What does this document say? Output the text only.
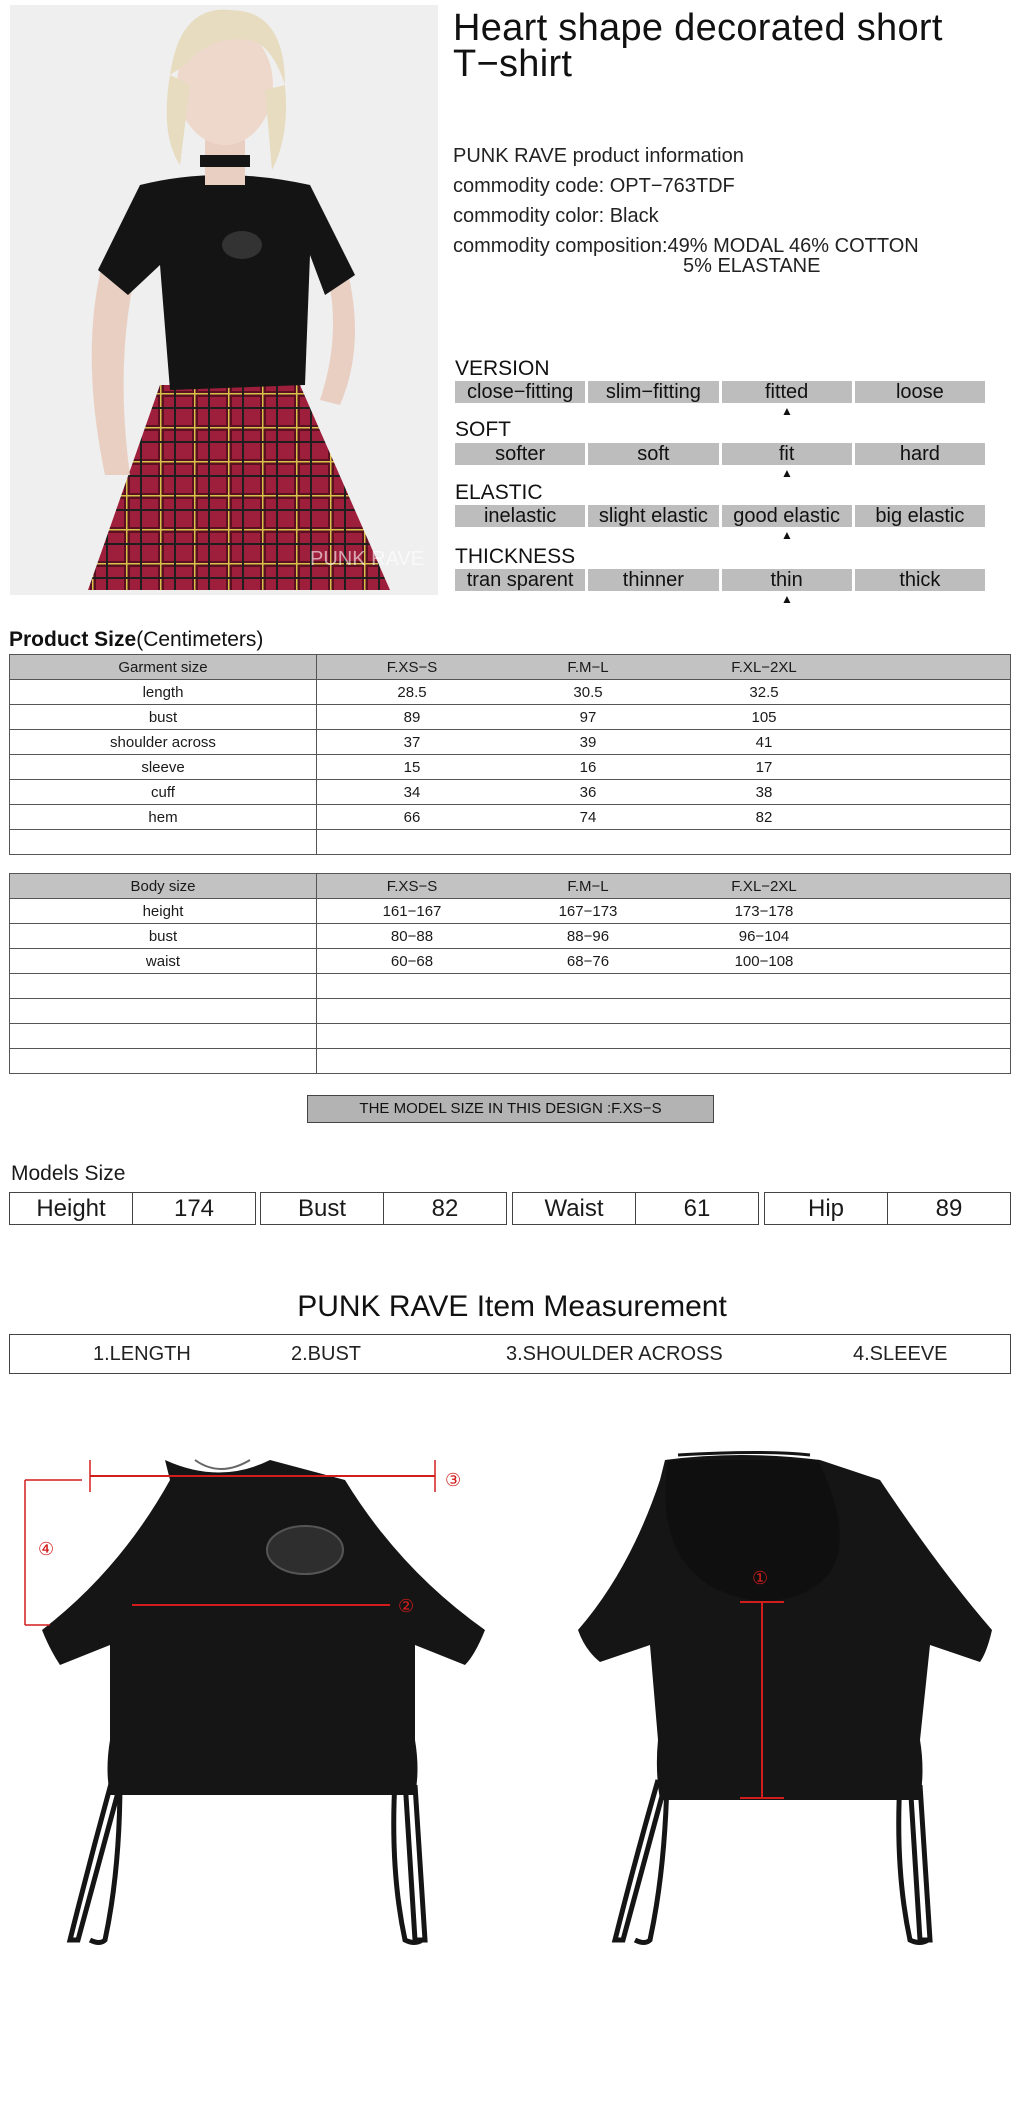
PUNK RAVE
Heart shape decorated short T−shirt
PUNK RAVE product information
commodity code: OPT−763TDF
commodity color: Black
commodity composition:49% MODAL 46% COTTON
5% ELASTANE
VERSION
close−fitting	slim−fitting	fitted	loose
▲
SOFT
softer	soft	fit	hard
▲
ELASTIC
inelastic	slight elastic	good elastic	big elastic
▲
THICKNESS
tran sparent	thinner	thin	thick
▲
Product Size(Centimeters)
Garment size	F.XS−S F.M−L F.XL−2XL

length	28.5 30.5 32.5

bust	89 97 105

shoulder across	37 39 41

sleeve	15 16 17

cuff	34 36 38

hem	66 74 82

Body size	F.XS−S F.M−L F.XL−2XL

height	161−167 167−173 173−178

bust	80−88 88−96 96−104

waist	60−68 68−76 100−108

THE MODEL SIZE IN THIS DESIGN :F.XS−S
Models Size
Height	174	Bust	82	Waist	61	Hip	89
PUNK RAVE Item Measurement
1.LENGTH	2.BUST	3.SHOULDER ACROSS	4.SLEEVE
③
②
④
①
